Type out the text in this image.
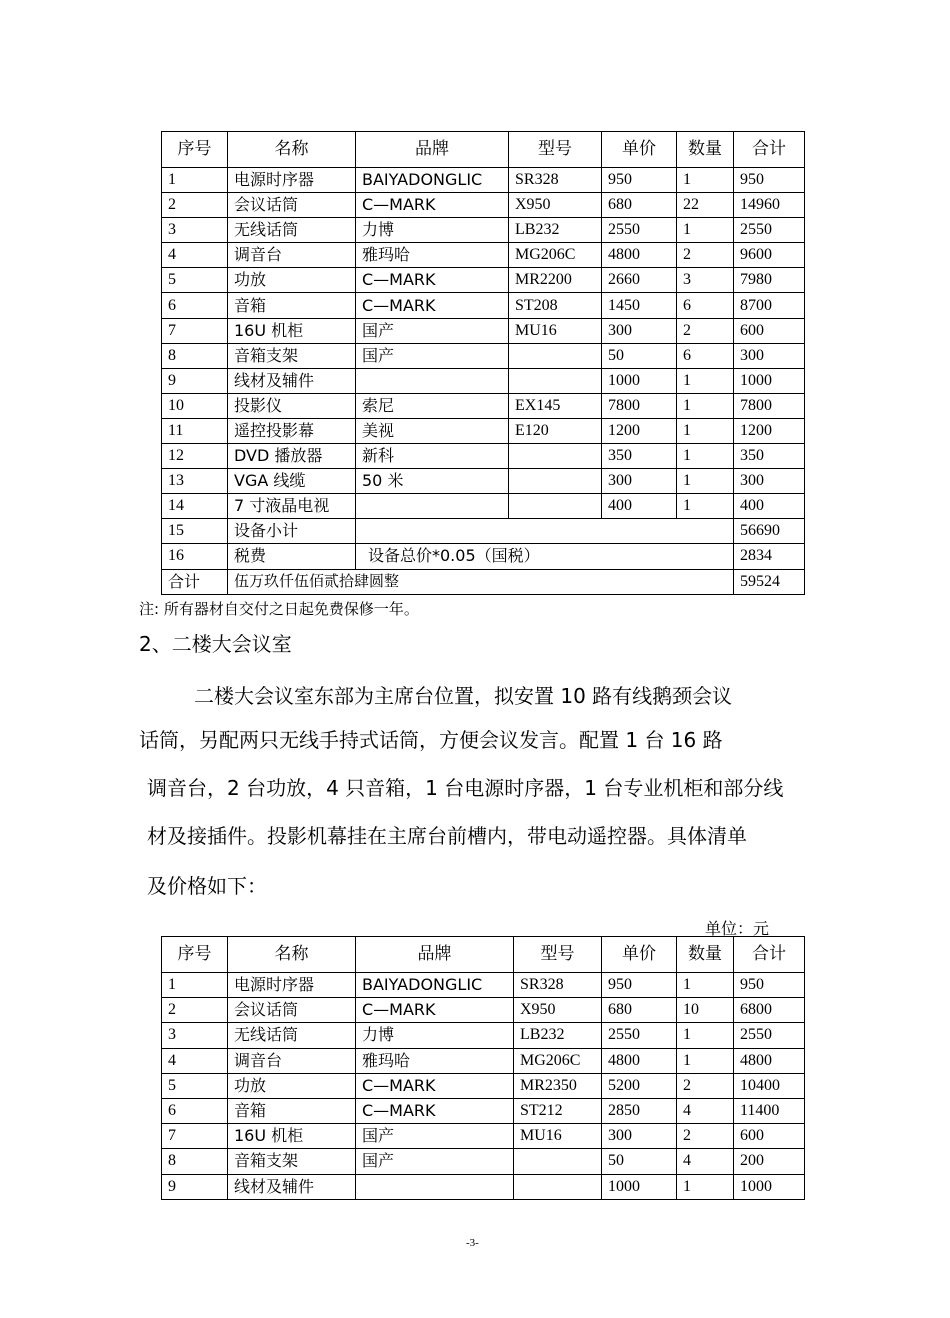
序号	名称	品牌	型号	单价	数量	合计
1	电源时序器	BAIYADONGLIC	SR328	950	1	950
2	会议话筒	C—MARK	X950	680	22	14960
3	无线话筒	力博	LB232	2550	1	2550
4	调音台	雅玛哈	MG206C	4800	2	9600
5	功放	C—MARK	MR2200	2660	3	7980
6	音箱	C—MARK	ST208	1450	6	8700
7	16U 机柜	国产	MU16	300	2	600
8	音箱支架	国产		50	6	300
9	线材及辅件			1000	1	1000
10	投影仪	索尼	EX145	7800	1	7800
11	遥控投影幕	美视	E120	1200	1	1200
12	DVD 播放器	新科		350	1	350
13	VGA 线缆	50 米		300	1	300
14	7 寸液晶电视			400	1	400
15	设备小计					56690
16	税费	设备总价*0.05（国税）				2834
合计	伍万玖仟伍佰贰拾肆圆整					59524
注: 所有器材自交付之日起免费保修一年。
2、二楼大会议室
二楼大会议室东部为主席台位置，拟安置 10 路有线鹅颈会议
话筒，另配两只无线手持式话筒，方便会议发言。配置 1 台 16 路
调音台，2 台功放，4 只音箱，1 台电源时序器，1 台专业机柜和部分线
材及接插件。投影机幕挂在主席台前槽内，带电动遥控器。具体清单
及价格如下：
单位：元
序号	名称	品牌	型号	单价	数量	合计
1	电源时序器	BAIYADONGLIC	SR328	950	1	950
2	会议话筒	C—MARK	X950	680	10	6800
3	无线话筒	力博	LB232	2550	1	2550
4	调音台	雅玛哈	MG206C	4800	1	4800
5	功放	C—MARK	MR2350	5200	2	10400
6	音箱	C—MARK	ST212	2850	4	11400
7	16U 机柜	国产	MU16	300	2	600
8	音箱支架	国产		50	4	200
9	线材及辅件			1000	1	1000
-3-
